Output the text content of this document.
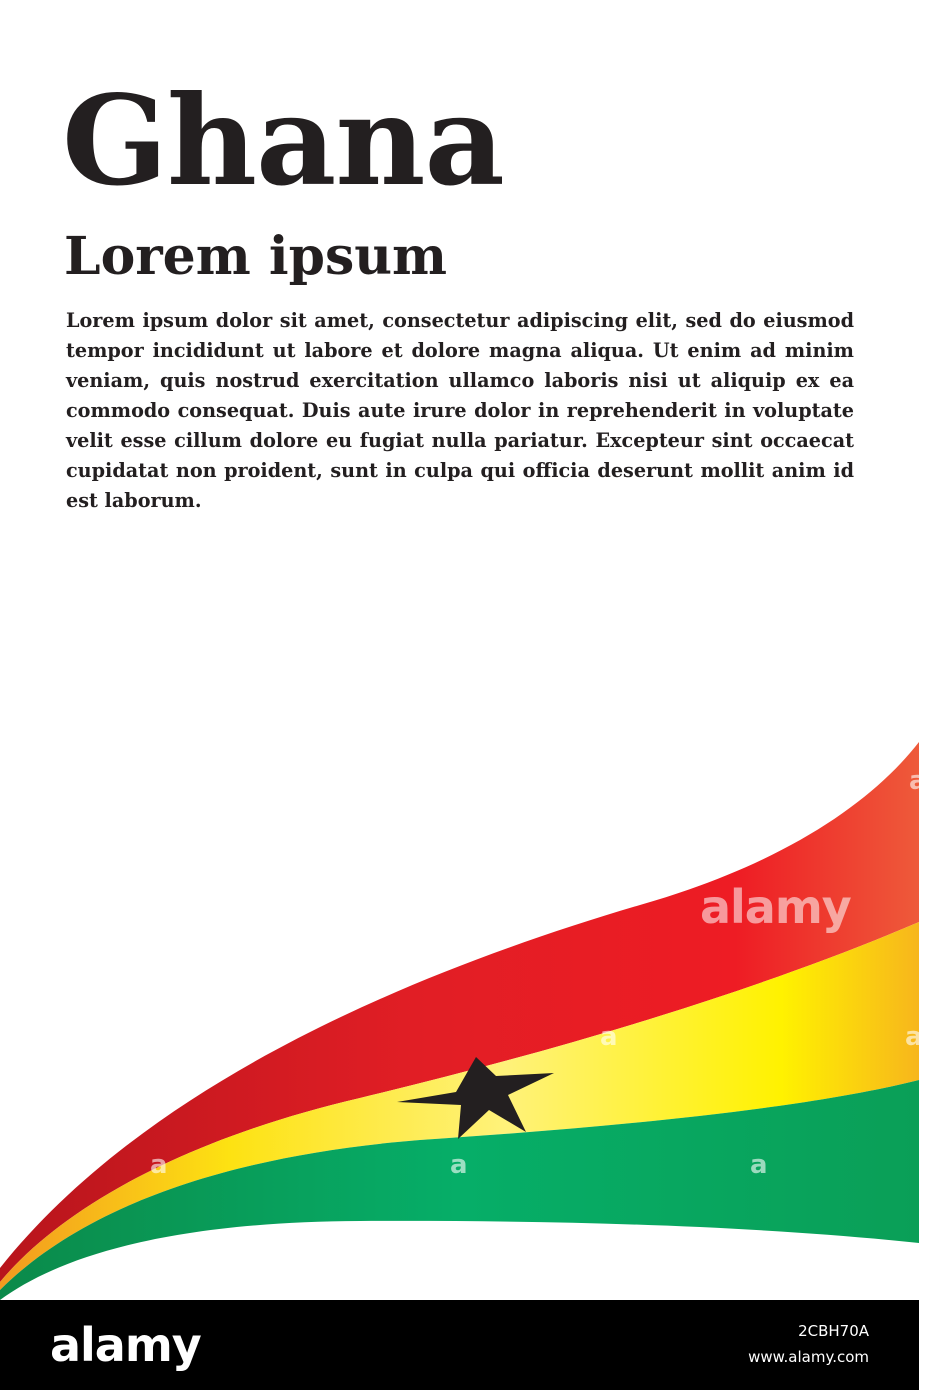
Ghana
Lorem ipsum

Lorem ipsum dolor sit amet, consectetur adipiscing elit, sed do eiusmod tempor incididunt ut labore et dolore magna aliqua. Ut enim ad minim veniam, quis nostrud exercitation ullamco laboris nisi ut aliquip ex ea commodo consequat. Duis aute irure dolor in reprehenderit in voluptate velit esse cillum dolore eu fugiat nulla pariatur. Excepteur sint occaecat cupidatat non proident, sunt in culpa qui officia deserunt mollit anim id est laborum.

alamy
a
a	a
a	a	a
alamy	2CBH70A
www.alamy.com
